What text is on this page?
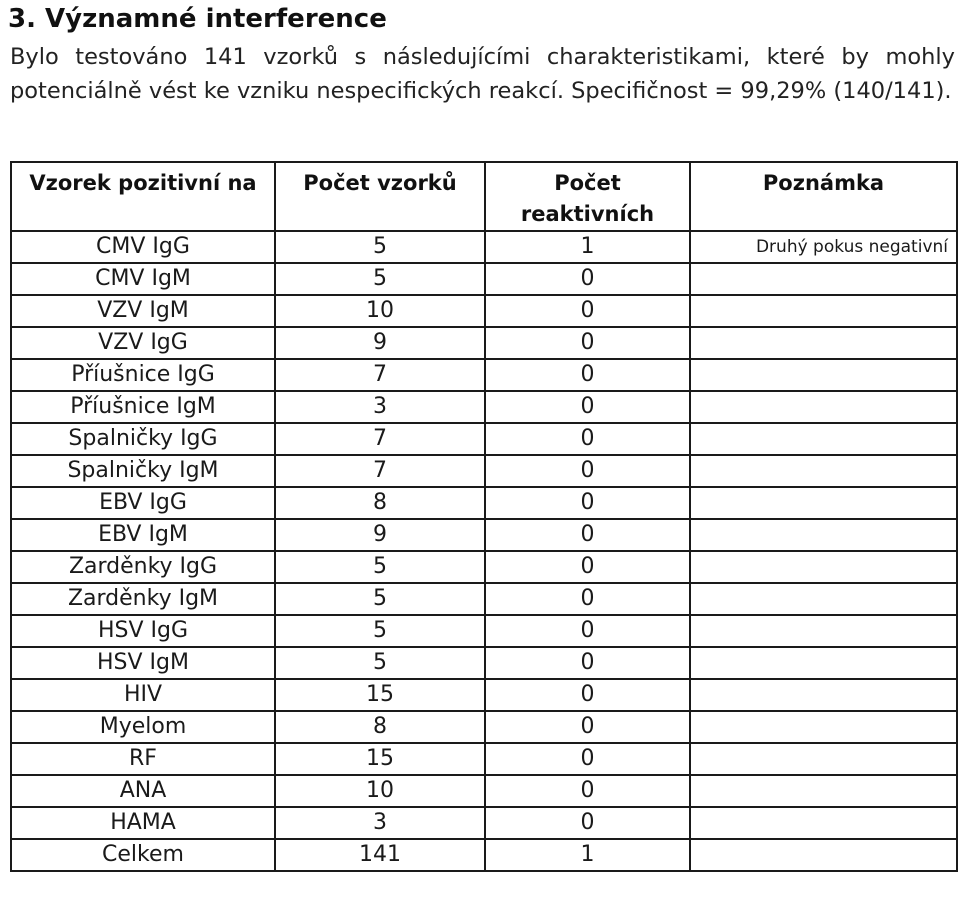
3. Významné interference

Bylo testováno 141 vzorků s následujícími charakteristikami, které by mohly potenciálně vést ke vzniku nespecifických reakcí. Specifičnost = 99,29% (140/141).

Vzorek pozitivní na	Počet vzorků	Počet reaktivních	Poznámka
CMV IgG	5	1	Druhý pokus negativní
CMV IgM	5	0	
VZV IgM	10	0	
VZV IgG	9	0	
Příušnice IgG	7	0	
Příušnice IgM	3	0	
Spalničky IgG	7	0	
Spalničky IgM	7	0	
EBV IgG	8	0	
EBV IgM	9	0	
Zarděnky IgG	5	0	
Zarděnky IgM	5	0	
HSV IgG	5	0	
HSV IgM	5	0	
HIV	15	0	
Myelom	8	0	
RF	15	0	
ANA	10	0	
HAMA	3	0	
Celkem	141	1	
